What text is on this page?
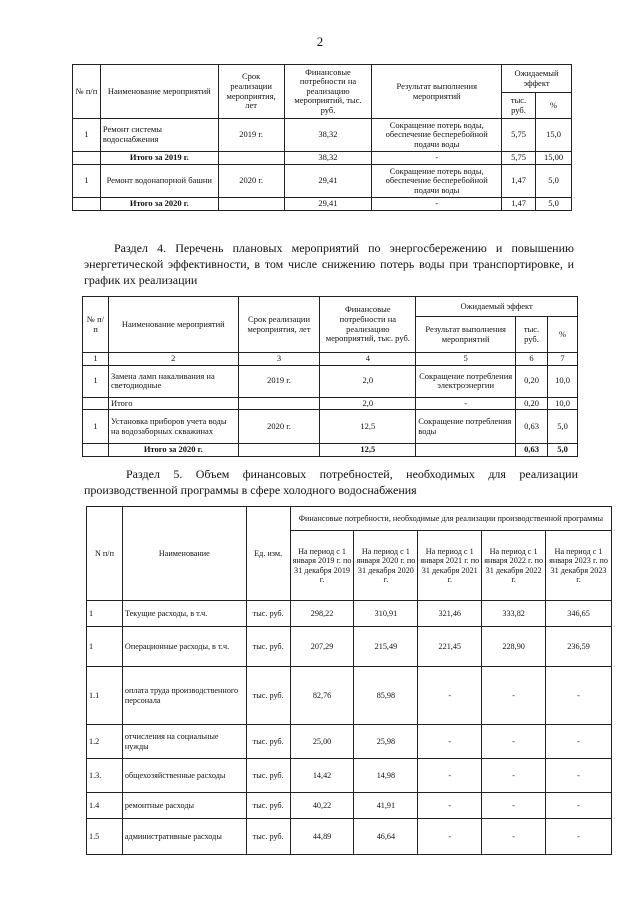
2
№ п/п	Наименование мероприятий	Срок реализации мероприятия, лет	Финансовые потребности на реализацию мероприятий, тыс. руб.	Результат выполнения мероприятий	Ожидаемый эффект	
					тыс. руб.	%
1	Ремонт системы водоснабжения	2019 г.	38,32	Сокращение потерь воды, обеспечение бесперебойной подачи воды	5,75	15,0
	Итого за 2019 г.		38,32	-	5,75	15,00
1	Ремонт водонапорной башни	2020 г.	29,41	Сокращение потерь воды, обеспечение бесперебойной подачи воды	1,47	5,0
	Итого за 2020 г.		29,41	-	1,47	5,0

Раздел 4. Перечень плановых мероприятий по энергосбережению и повышению энергетической эффективности, в том числе снижению потерь воды при транспортировке, и график их реализации

№ п/п	Наименование мероприятий	Срок реализации мероприятия, лет	Финансовые потребности на реализацию мероприятий, тыс. руб.	Ожидаемый эффект		
				Результат выполнения мероприятий	тыс. руб.	%
1	2	3	4	5	6	7
1	Замена ламп накаливания на светодиодные	2019 г.	2,0	Сокращение потребления электроэнергии	0,20	10,0
	Итого		2,0	-	0,20	10,0
1	Установка приборов учета воды на водозаборных скважинах	2020 г.	12,5	Сокращение потребления воды	0,63	5,0
	Итого за 2020 г.		12,5		0,63	5,0

Раздел 5. Объем финансовых потребностей, необходимых для реализации производственной программы в сфере холодного водоснабжения

N п/п	Наименование	Ед. изм.	Финансовые потребности, необходимые для реализации производственной программы				
			На период с 1 января 2019 г. по 31 декабря 2019 г.	На период с 1 января 2020 г. по 31 декабря 2020 г.	На период с 1 января 2021 г. по 31 декабря 2021 г.	На период с 1 января 2022 г. по 31 декабря 2022 г.	На период с 1 января 2023 г. по 31 декабря 2023 г.
1	Текущие расходы, в т.ч.	тыс. руб.	298,22	310,91	321,46	333,82	346,65
1	Операционные расходы, в т.ч.	тыс. руб.	207,29	215,49	221,45	228,90	236,59
1.1	оплата труда производственного персонала	тыс. руб.	82,76	85,98	-	-	-
1.2	отчисления на социальные нужды	тыс. руб.	25,00	25,98	-	-	-
1.3.	общехозяйственные расходы	тыс. руб.	14,42	14,98	-	-	-
1.4	ремонтные расходы	тыс. руб.	40,22	41,91	-	-	-
1.5	административные расходы	тыс. руб.	44,89	46,64	-	-	-
